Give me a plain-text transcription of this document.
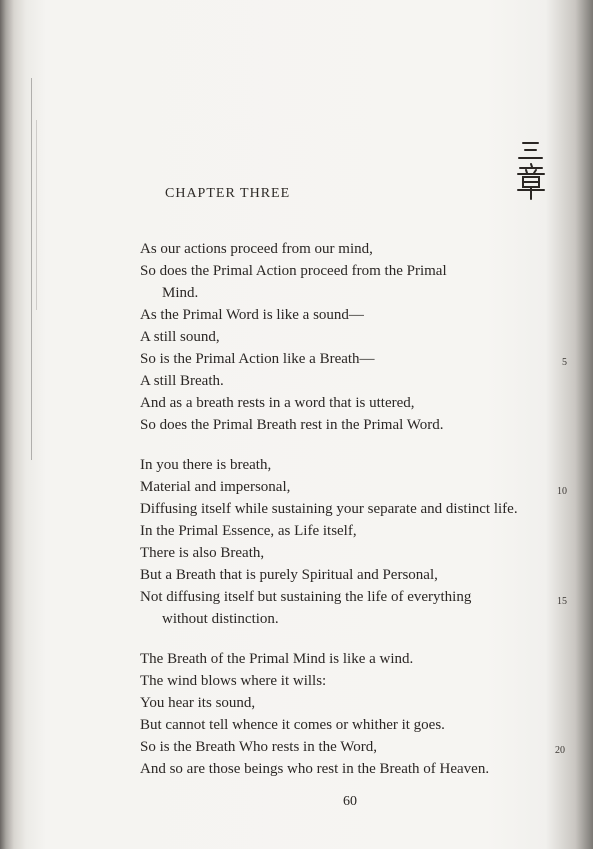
CHAPTER THREE
As our actions proceed from our mind,
So does the Primal Action proceed from the Primal
Mind.
As the Primal Word is like a sound—
A still sound,
So is the Primal Action like a Breath—
A still Breath.
And as a breath rests in a word that is uttered,
So does the Primal Breath rest in the Primal Word.
In you there is breath,
Material and impersonal,
Diffusing itself while sustaining your separate and distinct life.
In the Primal Essence, as Life itself,
There is also Breath,
But a Breath that is purely Spiritual and Personal,
Not diffusing itself but sustaining the life of everything
without distinction.
The Breath of the Primal Mind is like a wind.
The wind blows where it wills:
You hear its sound,
But cannot tell whence it comes or whither it goes.
So is the Breath Who rests in the Word,
And so are those beings who rest in the Breath of Heaven.
5
10
15
20
60
